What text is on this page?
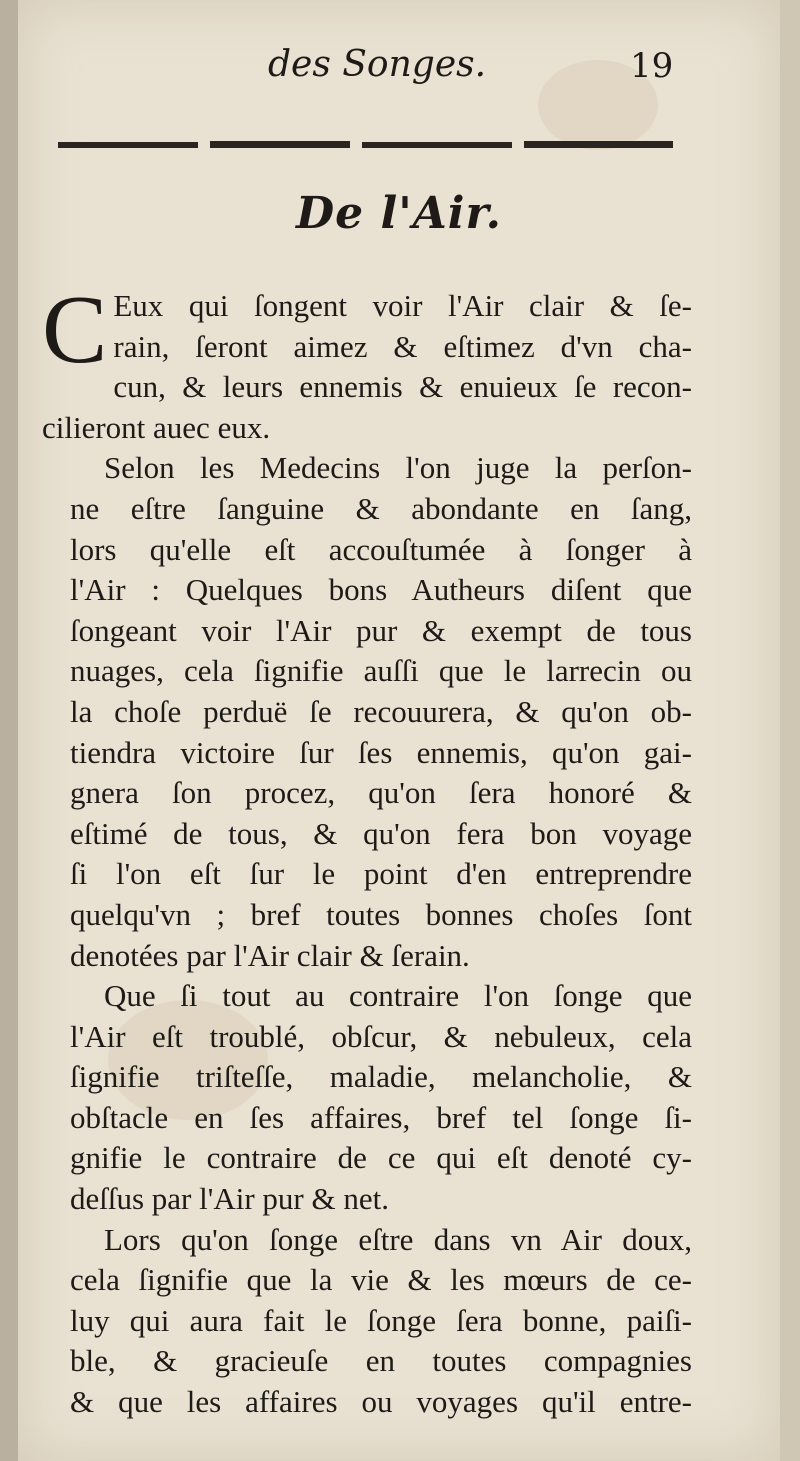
des Songes.	19
De l'Air.

C Eux qui ſongent voir l'Air clair & ſe-
rain, ſeront aimez & eſtimez d'vn cha-
cun, & leurs ennemis & enuieux ſe recon-
cilieront auec eux.

Selon les Medecins l'on juge la perſon-
ne eſtre ſanguine & abondante en ſang,
lors qu'elle eſt accouſtumée à ſonger à
l'Air : Quelques bons Autheurs diſent que
ſongeant voir l'Air pur & exempt de tous
nuages, cela ſignifie auſſi que le larrecin ou
la choſe perduë ſe recouurera, & qu'on ob-
tiendra victoire ſur ſes ennemis, qu'on gai-
gnera ſon procez, qu'on ſera honoré &
eſtimé de tous, & qu'on fera bon voyage
ſi l'on eſt ſur le point d'en entreprendre
quelqu'vn ; bref toutes bonnes choſes ſont
denotées par l'Air clair & ſerain.

Que ſi tout au contraire l'on ſonge que
l'Air eſt troublé, obſcur, & nebuleux, cela
ſignifie triſteſſe, maladie, melancholie, &
obſtacle en ſes affaires, bref tel ſonge ſi-
gnifie le contraire de ce qui eſt denoté cy-
deſſus par l'Air pur & net.

Lors qu'on ſonge eſtre dans vn Air doux,
cela ſignifie que la vie & les mœurs de ce-
luy qui aura fait le ſonge ſera bonne, paiſi-
ble, & gracieuſe en toutes compagnies
& que les affaires ou voyages qu'il entre-
